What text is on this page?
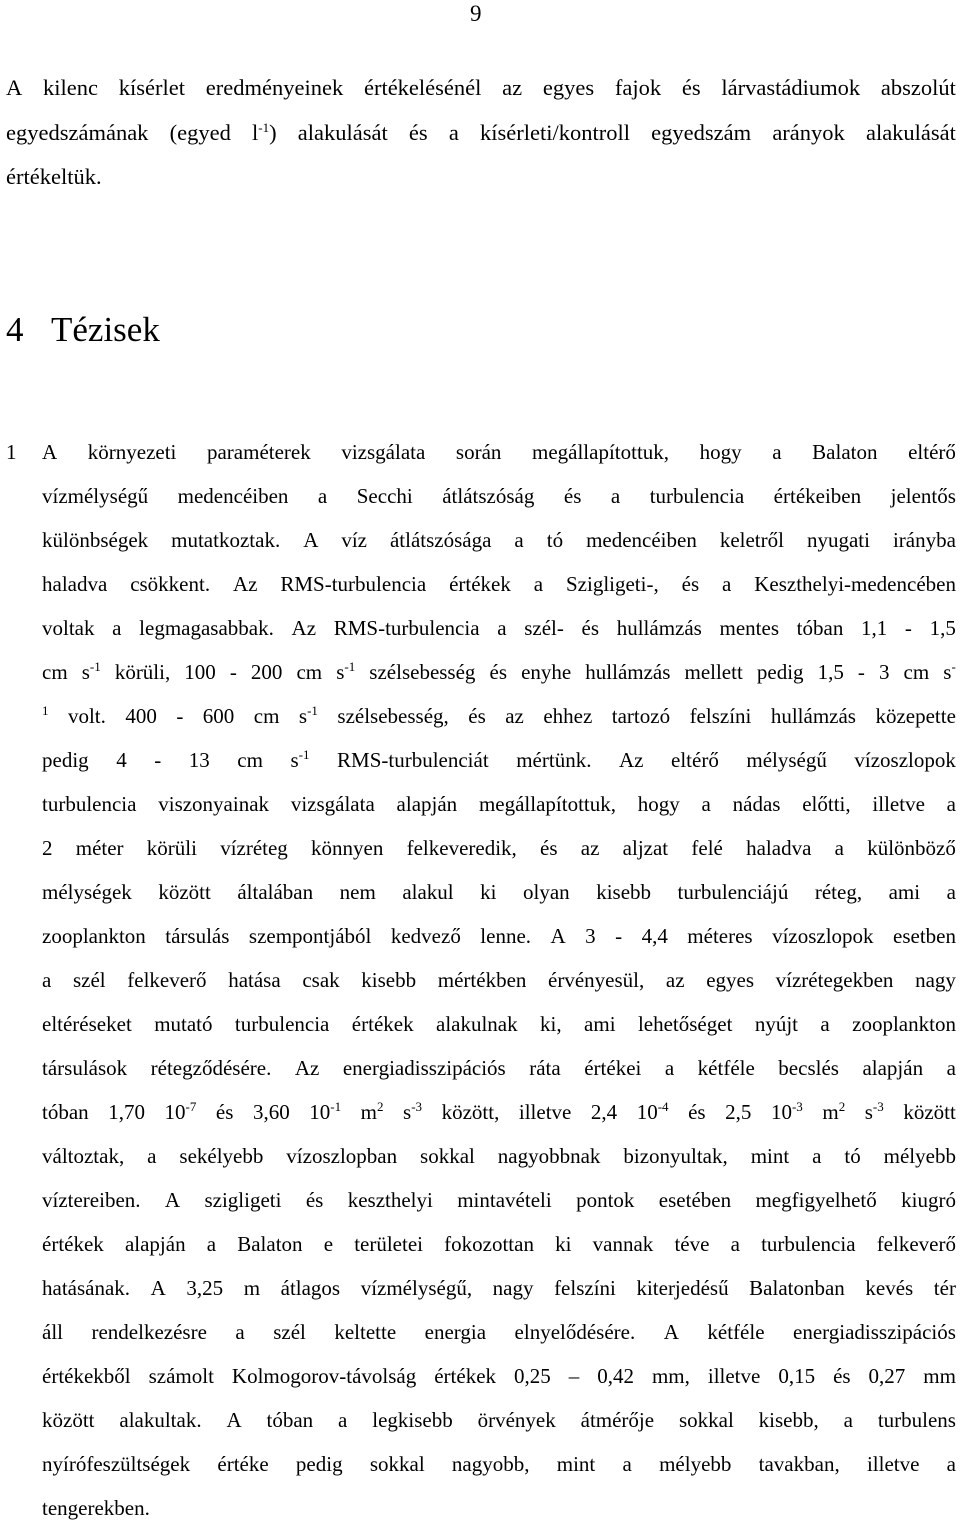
9
A kilenc kísérlet eredményeinek értékelésénél az egyes fajok és lárvastádiumok abszolút
egyedszámának (egyed $l^{-1}$) alakulását és a kísérleti/kontroll egyedszám arányok alakulását
értékeltük.
4 Tézisek
1 A környezeti paraméterek vizsgálata során megállapítottuk, hogy a Balaton eltérő
vízmélységű medencéiben a Secchi átlátszóság és a turbulencia értékeiben jelentős
különbségek mutatkoztak. A víz átlátszósága a tó medencéiben keletről nyugati irányba
haladva csökkent. Az RMS-turbulencia értékek a Szigligeti-, és a Keszthelyi-medencében
voltak a legmagasabbak. Az RMS-turbulencia a szél- és hullámzás mentes tóban 1,1 - 1,5
cm $s^{-1}$ körüli, 100 - 200 cm $s^{-1}$ szélsebesség és enyhe hullámzás mellett pedig 1,5 - 3 cm s-
$^1$ volt. 400 - 600 cm $s^{-1}$ szélsebesség, és az ehhez tartozó felszíni hullámzás közepette
pedig 4 - 13 cm $s^{-1}$ RMS-turbulenciát mértünk. Az eltérő mélységű vízoszlopok
turbulencia viszonyainak vizsgálata alapján megállapítottuk, hogy a nádas előtti, illetve a
2 méter körüli vízréteg könnyen felkeveredik, és az aljzat felé haladva a különböző
mélységek között általában nem alakul ki olyan kisebb turbulenciájú réteg, ami a
zooplankton társulás szempontjából kedvező lenne. A 3 - 4,4 méteres vízoszlopok esetben
a szél felkeverő hatása csak kisebb mértékben érvényesül, az egyes vízrétegekben nagy
eltéréseket mutató turbulencia értékek alakulnak ki, ami lehetőséget nyújt a zooplankton
társulások rétegződésére. Az energiadisszipációs ráta értékei a kétféle becslés alapján a
tóban 1,70 $10^{-7}$ és 3,60 $10^{-1}$ $m^2$ $s^{-3}$ között, illetve 2,4 $10^{-4}$ és 2,5 $10^{-3}$ $m^2$ $s^{-3}$ között
változtak, a sekélyebb vízoszlopban sokkal nagyobbnak bizonyultak, mint a tó mélyebb
víztereiben. A szigligeti és keszthelyi mintavételi pontok esetében megfigyelhető kiugró
értékek alapján a Balaton e területei fokozottan ki vannak téve a turbulencia felkeverő
hatásának. A 3,25 m átlagos vízmélységű, nagy felszíni kiterjedésű Balatonban kevés tér
áll rendelkezésre a szél keltette energia elnyelődésére. A kétféle energiadisszipációs
értékekből számolt Kolmogorov-távolság értékek 0,25 – 0,42 mm, illetve 0,15 és 0,27 mm
között alakultak. A tóban a legkisebb örvények átmérője sokkal kisebb, a turbulens
nyírófeszültségek értéke pedig sokkal nagyobb, mint a mélyebb tavakban, illetve a
tengerekben.
